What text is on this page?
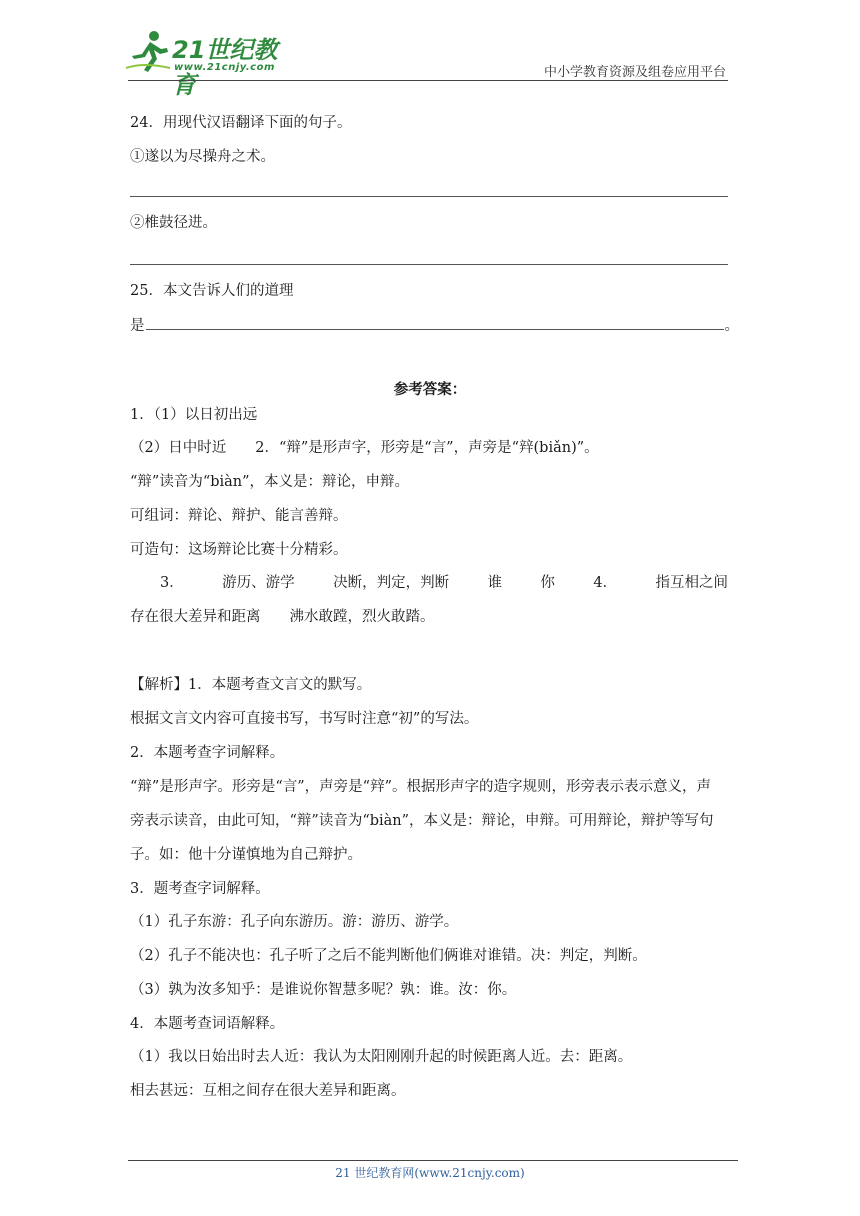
21世纪教育
www.21cnjy.com	中小学教育资源及组卷应用平台
24．用现代汉语翻译下面的句子。
①遂以为尽操舟之术。
②椎鼓径进。
25．本文告诉人们的道理
是	。
参考答案：
1．（1）以日初出远
（2）日中时近　　2．“辩”是形声字，形旁是“言”，声旁是“辡(biǎn)”。
“辩”读音为“biàn”，本义是：辩论，申辩。
可组词：辩论、辩护、能言善辩。
可造句：这场辩论比赛十分精彩。
3．	游历、游学	决断，判定，判断	谁	你	4．	指互相之间
存在很大差异和距离　　沸水敢蹚，烈火敢踏。
【解析】1．本题考查文言文的默写。
根据文言文内容可直接书写，书写时注意“初”的写法。
2．本题考查字词解释。
“辩”是形声字。形旁是“言”，声旁是“辡”。根据形声字的造字规则，形旁表示表示意义，声
旁表示读音，由此可知，“辩”读音为“biàn”，本义是：辩论，申辩。可用辩论，辩护等写句
子。如：他十分谨慎地为自己辩护。
3．题考查字词解释。
（1）孔子东游：孔子向东游历。游：游历、游学。
（2）孔子不能决也：孔子听了之后不能判断他们俩谁对谁错。决：判定，判断。
（3）孰为汝多知乎：是谁说你智慧多呢？孰：谁。汝：你。
4．本题考查词语解释。
（1）我以日始出时去人近：我认为太阳刚刚升起的时候距离人近。去：距离。
相去甚远：互相之间存在很大差异和距离。
21 世纪教育网(www.21cnjy.com)
